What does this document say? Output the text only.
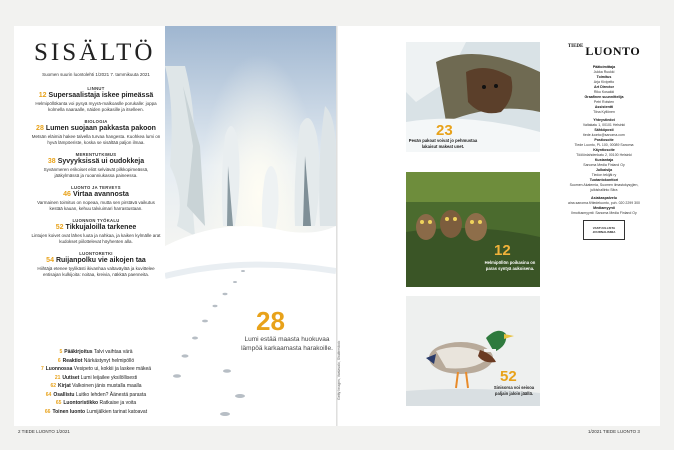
SISÄLTÖ
Suomen suurin luontolehti 1/2021 7. tammikuuta 2021
LINNUT
12 Supersaalistaja iskee pimeässä
Helmipöllökanta voi pysyä myyrä-malkoaslle porukalle: joppa kolmella naaraalle, näiden poikasille ja itselleen.
BIOLOGIA
28 Lumen suojaan pakkasta pakoon
Metsän eläimiä hakee talvella turvaa hangesta. Kuohkea lumi on hyvä lämpöeriste, koska se sisältää paljon ilmaa.
MERENTUTKIMUS
38 Syvyyksissä ui oudokkeja
Syvänmeren erikoiset eliöt selviävät pilkkopimeässä, jääkylmässä ja ruoanniukassa paineessa.
LUONTO JA TERVEYS
46 Virtaa avannosta
Varmainen toimitus on nopeaa, mutta sen pirstävä vaikutus kestää kauan, kehuu talviuimari harrastustaan.
LUONNON TYÖKALU
52 Tikkujaloilla tarkenee
Lintujen koivet ovat lähes luuta ja nahkaa, ja kaiken kylmälle arat kudokset piilottelevat höyhenten alla.
LUONTORETKI
54 Ruijanpolku vie aikojen taa
Hiihtäjä etenee tyylikästi ikivanhaa valtaväylää ja kuvittelee entisajan kulkijoita: noitaa, kreivia, näkkää paenneita.
5 Pääkirjoitus Talvi vaihtaa värä
6 Reaktiot Närkästynyt helmipöllö
7 Luonnossa Vesipeto ui, kokkii ja laskee mäkeä
21 Uutiset Lumi leijailee yksilöllisesti
62 Kirjat Valkoinen jänis mustalla maalla
64 Osallistu Luitko lehden? Äänestä parasta
65 Luontoristikko Ratkaise ja voita
66 Toinen luonto Lumijälkien tarinat katoavat
28
Lumi estää maasta huokuvaa lämpöä karkaamasta harakoille. Getty Images, Vastavalo, Shutterstock
23
Pesän pakoat voivat jo pehmustaa lakaisut makeat unet.
12
Helmipöllön poikasina on paras syntyä aukoisena.
52
Sinisorsa voi seisoa paljain jaloin jäällä.
$^{TIEDE}$ LUONTO
Päätoimittaja
Jukka Ruukki
Toimitus
Arja Kivipelto
Art Director
Riku Kosakki
Graafinen suunnittelija
Petri Rotsten
Assistentti
Tiina Kyllönen
Yhteystiedot
Valtakatu 1, 00101 Helsinki
Sähköposti
tiede.luonto@sanoma.com
Postiosoite
Tiede Luonto, PL 100, 00089 Sanoma
Käyntiosoite
Töölönlahdenkatu 2, 00100 Helsinki
Kustantaja
Sanoma Media Finland Oy
Julkaisija
Tiedon tekijät ry
Tuotantokonttori
Suomen Akatemia, Suomen ilmastokysyjien, julkishallinto Sitra
Asiakaspalvelu
aina.sanoma.fi/tiedeluonto, puh. 020 2299 300
Mediamyynti
Ilmoitusmyynti: Sanoma Media Finland Oy
VASTUULLISTA JOURNALISMIA
2 TIEDE LUONTO 1/2021	1/2021 TIEDE LUONTO 3
